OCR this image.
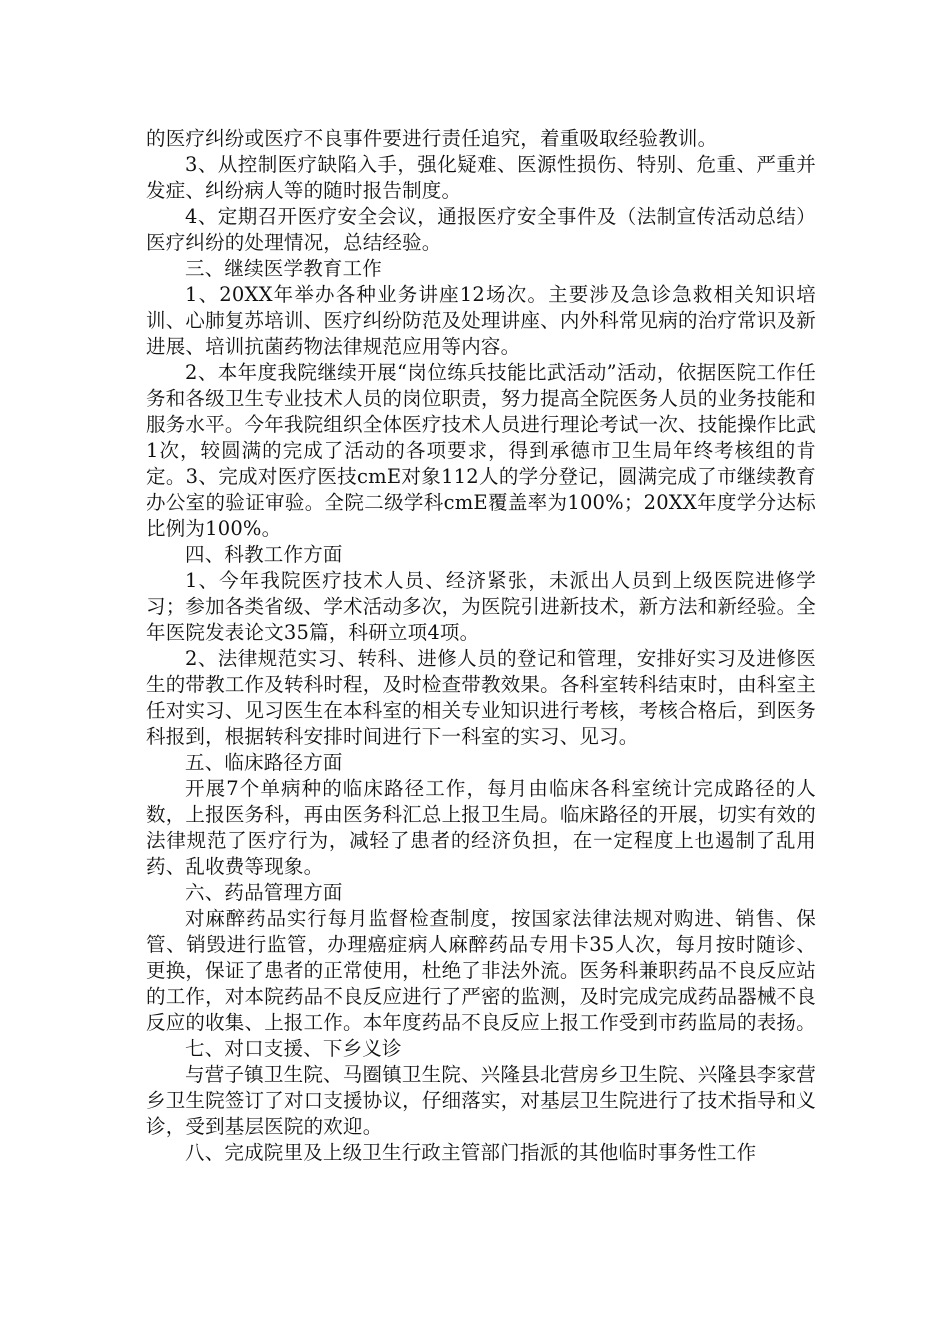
的医疗纠纷或医疗不良事件要进行责任追究，着重吸取经验教训。

3、从控制医疗缺陷入手，强化疑难、医源性损伤、特别、危重、严重并发症、纠纷病人等的随时报告制度。

4、定期召开医疗安全会议，通报医疗安全事件及（法制宣传活动总结）医疗纠纷的处理情况，总结经验。

三、继续医学教育工作

1、20XX年举办各种业务讲座12场次。主要涉及急诊急救相关知识培训、心肺复苏培训、医疗纠纷防范及处理讲座、内外科常见病的治疗常识及新进展、培训抗菌药物法律规范应用等内容。

2、本年度我院继续开展“岗位练兵技能比武活动”活动，依据医院工作任务和各级卫生专业技术人员的岗位职责，努力提高全院医务人员的业务技能和服务水平。今年我院组织全体医疗技术人员进行理论考试一次、技能操作比武1次，较圆满的完成了活动的各项要求，得到承德市卫生局年终考核组的肯定。3、完成对医疗医技cmE对象112人的学分登记，圆满完成了市继续教育办公室的验证审验。全院二级学科cmE覆盖率为100%；20XX年度学分达标比例为100%。

四、科教工作方面

1、今年我院医疗技术人员、经济紧张，未派出人员到上级医院进修学习；参加各类省级、学术活动多次，为医院引进新技术，新方法和新经验。全年医院发表论文35篇，科研立项4项。

2、法律规范实习、转科、进修人员的登记和管理，安排好实习及进修医生的带教工作及转科时程，及时检查带教效果。各科室转科结束时，由科室主任对实习、见习医生在本科室的相关专业知识进行考核，考核合格后，到医务科报到，根据转科安排时间进行下一科室的实习、见习。

五、临床路径方面

开展7个单病种的临床路径工作，每月由临床各科室统计完成路径的人数，上报医务科，再由医务科汇总上报卫生局。临床路径的开展，切实有效的法律规范了医疗行为，减轻了患者的经济负担，在一定程度上也遏制了乱用药、乱收费等现象。

六、药品管理方面

对麻醉药品实行每月监督检查制度，按国家法律法规对购进、销售、保管、销毁进行监管，办理癌症病人麻醉药品专用卡35人次，每月按时随诊、更换，保证了患者的正常使用，杜绝了非法外流。医务科兼职药品不良反应站的工作，对本院药品不良反应进行了严密的监测，及时完成完成药品器械不良反应的收集、上报工作。本年度药品不良反应上报工作受到市药监局的表扬。

七、对口支援、下乡义诊

与营子镇卫生院、马圈镇卫生院、兴隆县北营房乡卫生院、兴隆县李家营乡卫生院签订了对口支援协议，仔细落实，对基层卫生院进行了技术指导和义诊，受到基层医院的欢迎。

八、完成院里及上级卫生行政主管部门指派的其他临时事务性工作
